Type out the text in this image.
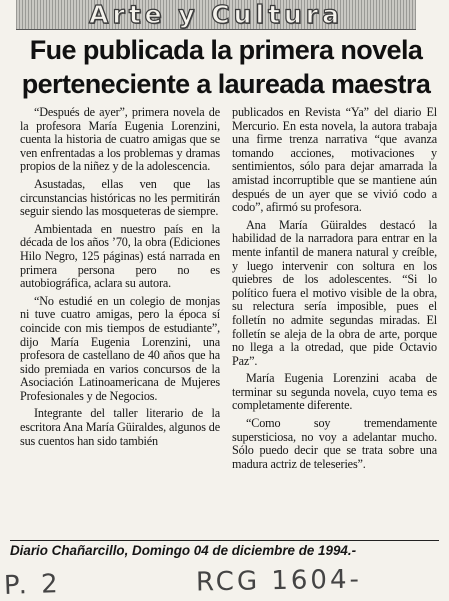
Arte y Cultura
Fue publicada la primera novela perteneciente a laureada maestra

“Después de ayer”, primera novela de la profesora María Eugenia Lorenzini, cuenta la historia de cuatro amigas que se ven enfrentadas a los problemas y dramas propios de la niñez y de la adolescencia.

Asustadas, ellas ven que las circunstancias históricas no les permitirán seguir siendo las mosqueteras de siempre.

Ambientada en nuestro país en la década de los años ’70, la obra (Ediciones Hilo Negro, 125 páginas) está narrada en primera persona pero no es autobiográfica, aclara su autora.

“No estudié en un colegio de monjas ni tuve cuatro amigas, pero la época sí coincide con mis tiempos de estudiante”, dijo María Eugenia Lorenzini, una profesora de castellano de 40 años que ha sido premiada en varios concursos de la Asociación Latinoamericana de Mujeres Profesionales y de Negocios.

Integrante del taller literario de la escritora Ana María Güiraldes, algunos de sus cuentos han sido también

publicados en Revista “Ya” del diario El Mercurio. En esta novela, la autora trabaja una firme trenza narrativa “que avanza tomando acciones, motivaciones y sentimientos, sólo para dejar amarrada la amistad incorruptible que se mantiene aún después de un ayer que se vivió codo a codo”, afirmó su profesora.

Ana María Güiraldes destacó la habilidad de la narradora para entrar en la mente infantil de manera natural y creíble, y luego intervenir con soltura en los quiebres de los adolescentes. “Si lo político fuera el motivo visible de la obra, su relectura sería imposible, pues el folletín no admite segundas miradas. El folletín se aleja de la obra de arte, porque no llega a la otredad, que pide Octavio Paz”.

María Eugenia Lorenzini acaba de terminar su segunda novela, cuyo tema es completamente diferente.

“Como soy tremendamente supersticiosa, no voy a adelantar mucho. Sólo puedo decir que se trata sobre una madura actriz de teleseries”.

Diario Chañarcillo, Domingo 04 de diciembre de 1994.-
P. 2	RCG 1604-
